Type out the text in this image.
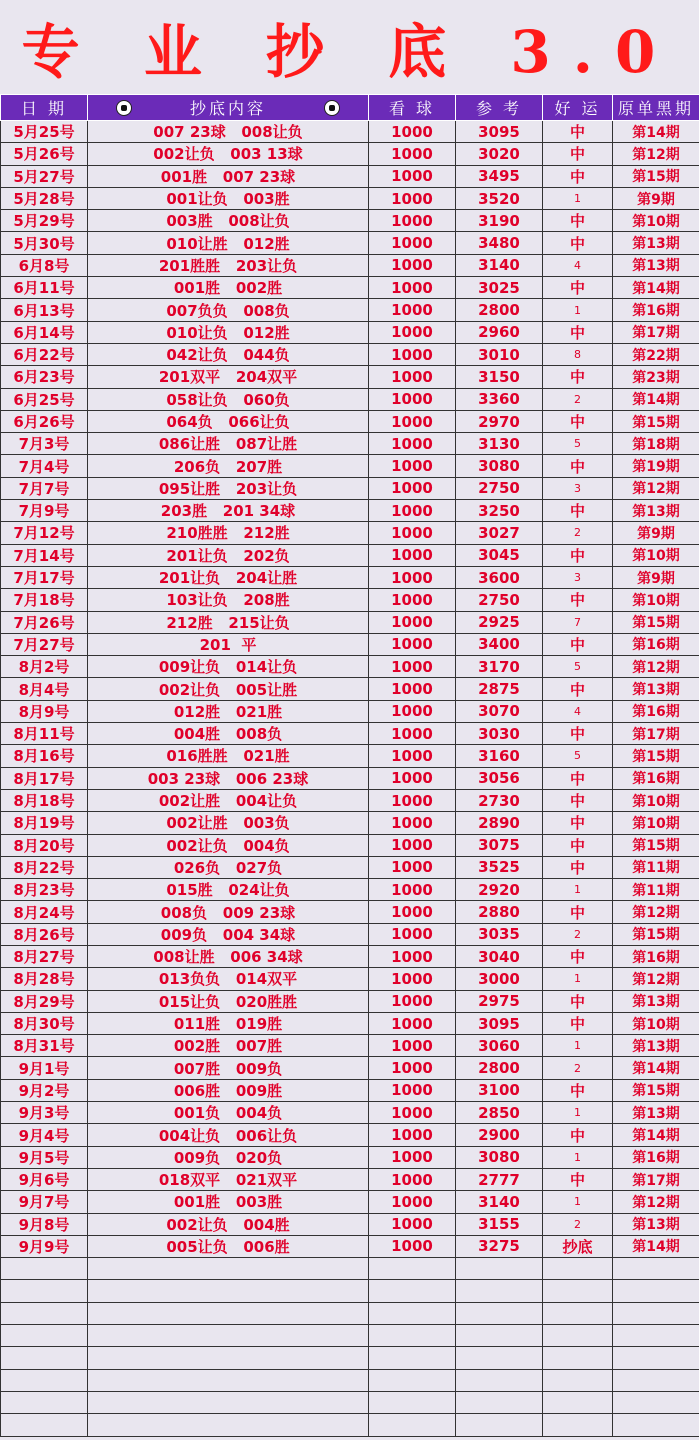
专 业 抄 底 3.0
日 期	抄底内容	看 球	参 考	好 运	原单黑期
5月25号	007 23球   008让负	1000	3095	中	第14期
5月26号	002让负   003 13球	1000	3020	中	第12期
5月27号	001胜   007 23球	1000	3495	中	第15期
5月28号	001让负   003胜	1000	3520	1	第9期
5月29号	003胜   008让负	1000	3190	中	第10期
5月30号	010让胜   012胜	1000	3480	中	第13期
6月8号	201胜胜   203让负	1000	3140	4	第13期
6月11号	001胜   002胜	1000	3025	中	第14期
6月13号	007负负   008负	1000	2800	1	第16期
6月14号	010让负   012胜	1000	2960	中	第17期
6月22号	042让负   044负	1000	3010	8	第22期
6月23号	201双平   204双平	1000	3150	中	第23期
6月25号	058让负   060负	1000	3360	2	第14期
6月26号	064负   066让负	1000	2970	中	第15期
7月3号	086让胜   087让胜	1000	3130	5	第18期
7月4号	206负   207胜	1000	3080	中	第19期
7月7号	095让胜   203让负	1000	2750	3	第12期
7月9号	203胜   201 34球	1000	3250	中	第13期
7月12号	210胜胜   212胜	1000	3027	2	第9期
7月14号	201让负   202负	1000	3045	中	第10期
7月17号	201让负   204让胜	1000	3600	3	第9期
7月18号	103让负   208胜	1000	2750	中	第10期
7月26号	212胜   215让负	1000	2925	7	第15期
7月27号	201  平	1000	3400	中	第16期
8月2号	009让负   014让负	1000	3170	5	第12期
8月4号	002让负   005让胜	1000	2875	中	第13期
8月9号	012胜   021胜	1000	3070	4	第16期
8月11号	004胜   008负	1000	3030	中	第17期
8月16号	016胜胜   021胜	1000	3160	5	第15期
8月17号	003 23球   006 23球	1000	3056	中	第16期
8月18号	002让胜   004让负	1000	2730	中	第10期
8月19号	002让胜   003负	1000	2890	中	第10期
8月20号	002让负   004负	1000	3075	中	第15期
8月22号	026负   027负	1000	3525	中	第11期
8月23号	015胜   024让负	1000	2920	1	第11期
8月24号	008负   009 23球	1000	2880	中	第12期
8月26号	009负   004 34球	1000	3035	2	第15期
8月27号	008让胜   006 34球	1000	3040	中	第16期
8月28号	013负负   014双平	1000	3000	1	第12期
8月29号	015让负   020胜胜	1000	2975	中	第13期
8月30号	011胜   019胜	1000	3095	中	第10期
8月31号	002胜   007胜	1000	3060	1	第13期
9月1号	007胜   009负	1000	2800	2	第14期
9月2号	006胜   009胜	1000	3100	中	第15期
9月3号	001负   004负	1000	2850	1	第13期
9月4号	004让负   006让负	1000	2900	中	第14期
9月5号	009负   020负	1000	3080	1	第16期
9月6号	018双平   021双平	1000	2777	中	第17期
9月7号	001胜   003胜	1000	3140	1	第12期
9月8号	002让负   004胜	1000	3155	2	第13期
9月9号	005让负   006胜	1000	3275	抄底	第14期
